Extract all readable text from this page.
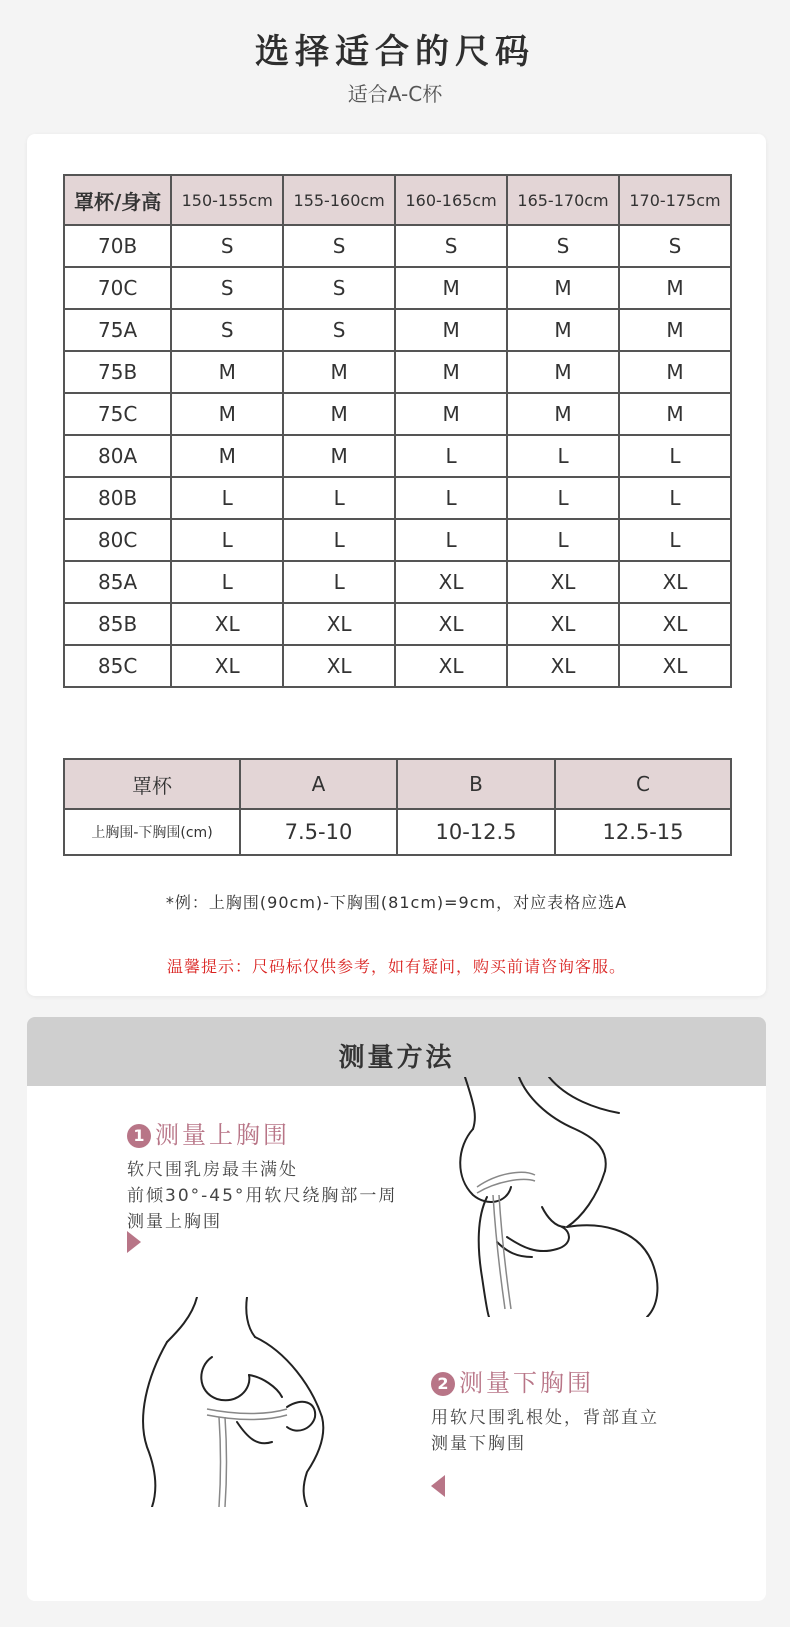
选择适合的尺码
适合A-C杯
罩杯/身高	150-155cm	155-160cm	160-165cm	165-170cm	170-175cm
70B	S	S	S	S	S
70C	S	S	M	M	M
75A	S	S	M	M	M
75B	M	M	M	M	M
75C	M	M	M	M	M
80A	M	M	L	L	L
80B	L	L	L	L	L
80C	L	L	L	L	L
85A	L	L	XL	XL	XL
85B	XL	XL	XL	XL	XL
85C	XL	XL	XL	XL	XL
罩杯	A	B	C
上胸围-下胸围(cm)	7.5-10	10-12.5	12.5-15
*例：上胸围(90cm)-下胸围(81cm)=9cm，对应表格应选A
温馨提示：尺码标仅供参考，如有疑问，购买前请咨询客服。
测量方法
1 测量上胸围
软尺围乳房最丰满处
前倾30°-45°用软尺绕胸部一周
测量上胸围
2 测量下胸围
用软尺围乳根处，背部直立
测量下胸围
